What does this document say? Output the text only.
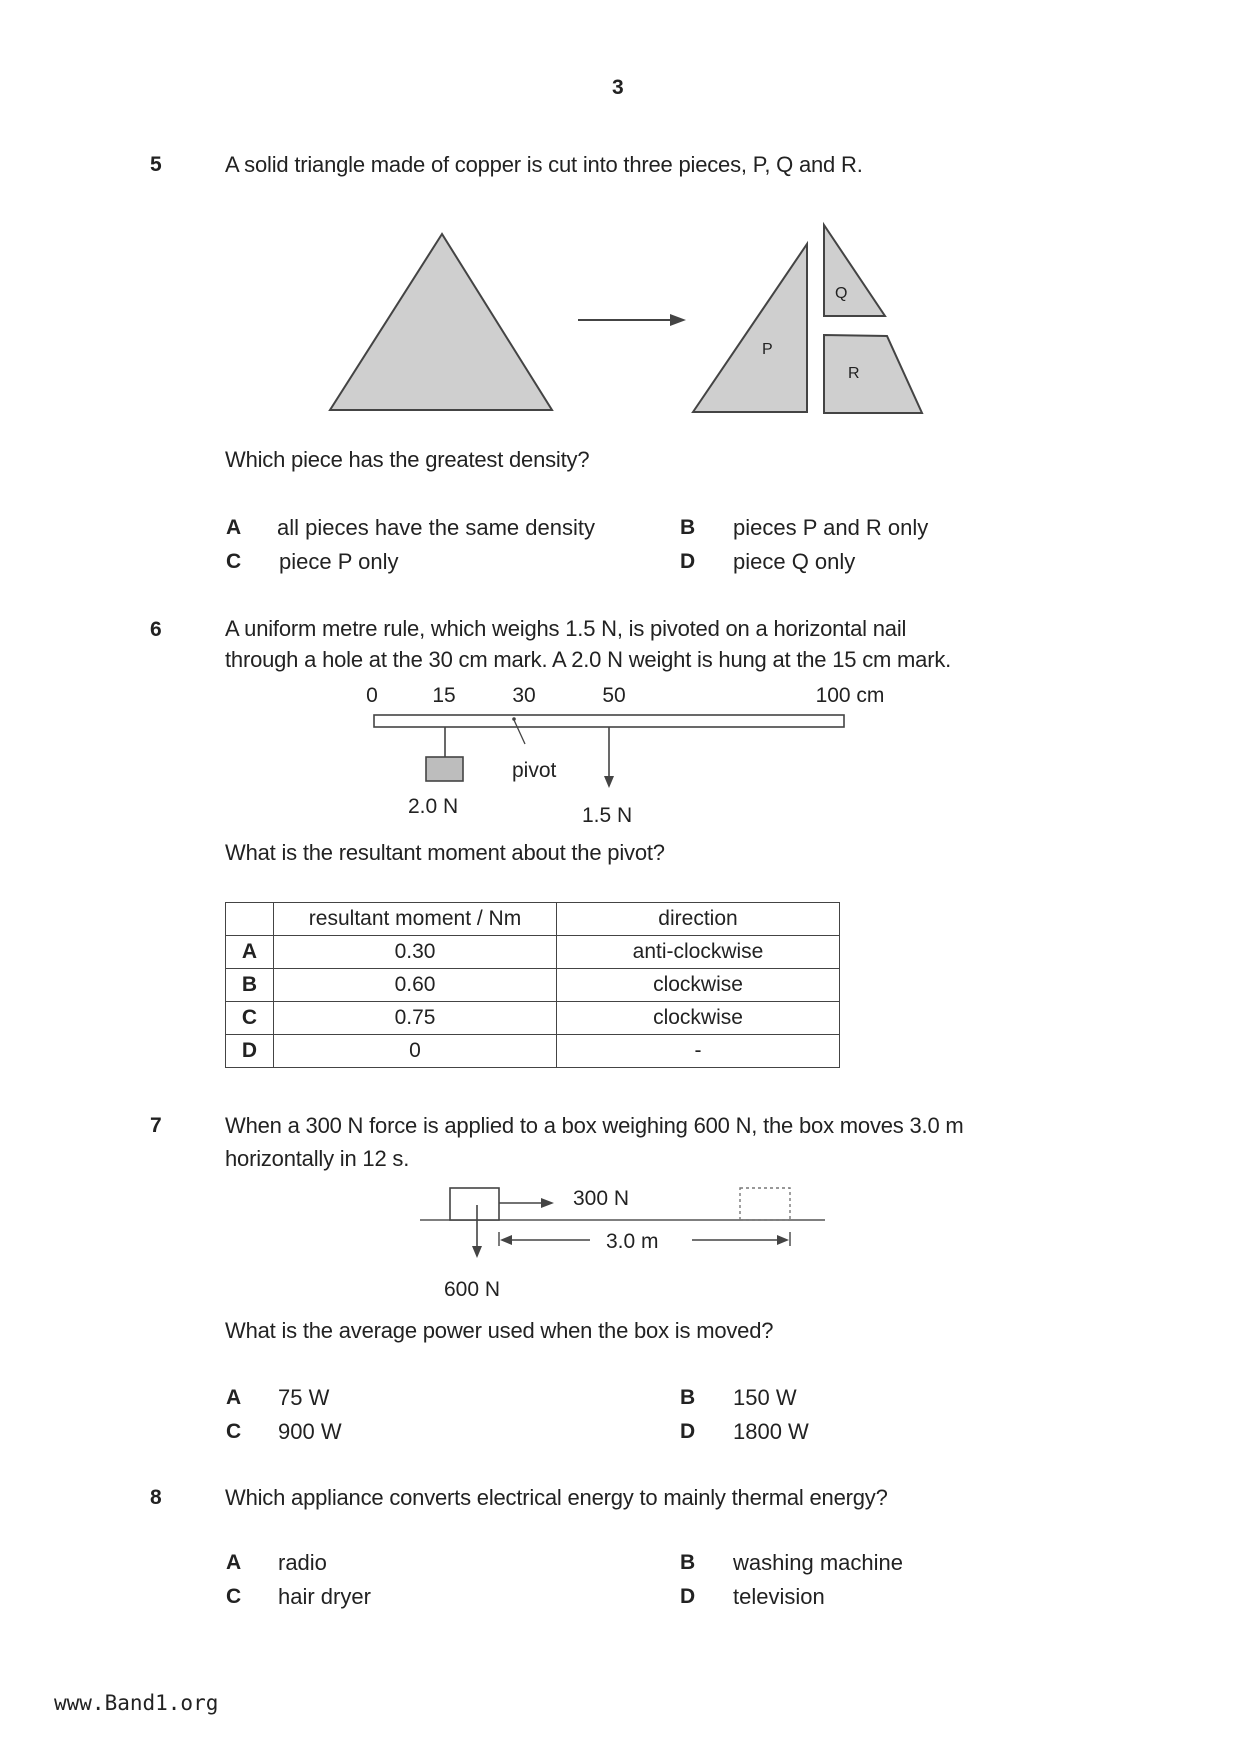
3
5	A solid triangle made of copper is cut into three pieces, P, Q and R.
P
Q
R
Which piece has the greatest density?
A all pieces have the same density	B pieces P and R only
C piece P only	D piece Q only
6	A uniform metre rule, which weighs 1.5 N, is pivoted on a horizontal nail
through a hole at the 30 cm mark. A 2.0 N weight is hung at the 15 cm mark.
0	15	30	50	100 cm
pivot
2.0 N	1.5 N
What is the resultant moment about the pivot?
	resultant moment / Nm	direction
A	0.30	anti-clockwise
B	0.60	clockwise
C	0.75	clockwise
D	0	-
7	When a 300 N force is applied to a box weighing 600 N, the box moves 3.0 m
horizontally in 12 s.
300 N
600 N
3.0 m
What is the average power used when the box is moved?
A 75 W	B 150 W
C 900 W	D 1800 W
8	Which appliance converts electrical energy to mainly thermal energy?
A radio	B washing machine
C hair dryer	D television
www.Band1.org
